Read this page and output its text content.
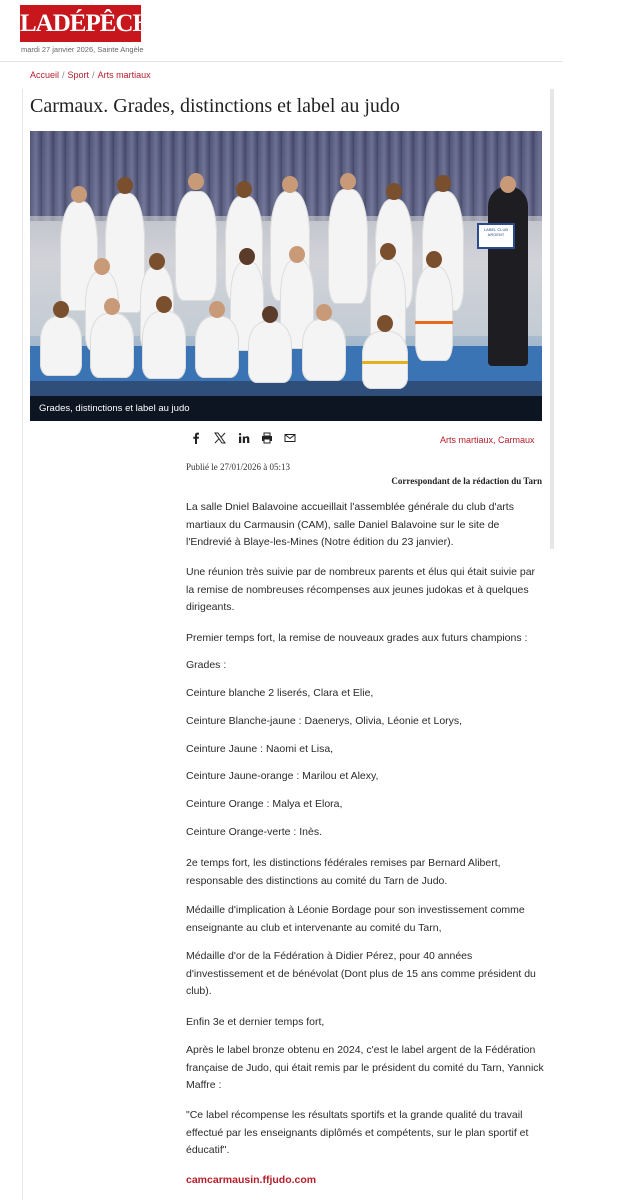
LADÉPÊCHE
mardi 27 janvier 2026, Sainte Angèle
Accueil / Sport / Arts martiaux
Carmaux. Grades, distinctions et label au judo
LABEL CLUB ARGENT
Grades, distinctions et label au judo
Arts martiaux, Carmaux
Publié le 27/01/2026 à 05:13
Correspondant de la rédaction du Tarn

La salle Dniel Balavoine accueillait l'assemblée générale du club d'arts martiaux du Carmausin (CAM), salle Daniel Balavoine sur le site de l'Endrevié à Blaye-les-Mines (Notre édition du 23 janvier).

Une réunion très suivie par de nombreux parents et élus qui était suivie par la remise de nombreuses récompenses aux jeunes judokas et à quelques dirigeants.

Premier temps fort, la remise de nouveaux grades aux futurs champions :

Grades :

Ceinture blanche 2 liserés, Clara et Elie,

Ceinture Blanche-jaune : Daenerys, Olivia, Léonie et Lorys,

Ceinture Jaune : Naomi et Lisa,

Ceinture Jaune-orange : Marilou et Alexy,

Ceinture Orange : Malya et Elora,

Ceinture Orange-verte : Inès.

2e temps fort, les distinctions fédérales remises par Bernard Alibert, responsable des distinctions au comité du Tarn de Judo.

Médaille d'implication à Léonie Bordage pour son investissement comme enseignante au club et intervenante au comité du Tarn,

Médaille d'or de la Fédération à Didier Pérez, pour 40 années d'investissement et de bénévolat (Dont plus de 15 ans comme président du club).

Enfin 3e et dernier temps fort,

Après le label bronze obtenu en 2024, c'est le label argent de la Fédération française de Judo, qui était remis par le président du comité du Tarn, Yannick Maffre :

"Ce label récompense les résultats sportifs et la grande qualité du travail effectué par les enseignants diplômés et compétents, sur le plan sportif et éducatif".

camcarmausin.ffjudo.com
